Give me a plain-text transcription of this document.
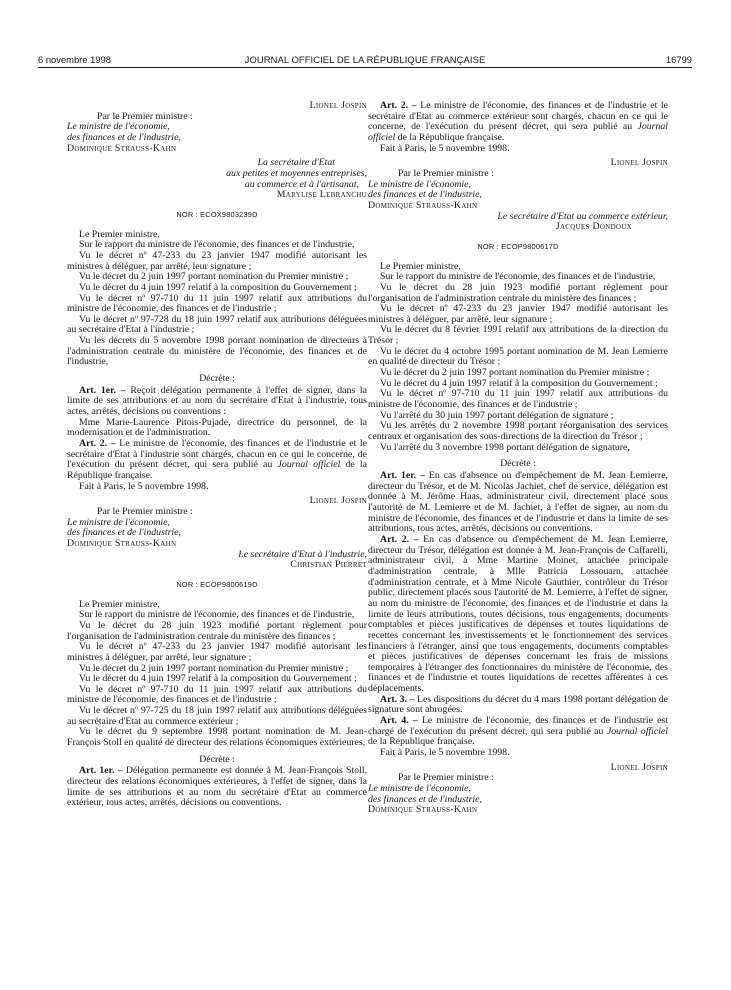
6 novembre 1998	JOURNAL OFFICIEL DE LA RÉPUBLIQUE FRANÇAISE	16799

Lionel Jospin

Par le Premier ministre :

Le ministre de l'économie,

des finances et de l'industrie,

Dominique Strauss-Kahn

La secrétaire d'Etat

aux petites et moyennes entreprises,

au commerce et à l'artisanat,

Marylise Lebranchu

NOR : ECOX9803239D

Le Premier ministre,

Sur le rapport du ministre de l'économie, des finances et de l'industrie,

Vu le décret nº 47-233 du 23 janvier 1947 modifié autorisant les ministres à déléguer, par arrêté, leur signature ;

Vu le décret du 2 juin 1997 portant nomination du Premier ministre ;

Vu le décret du 4 juin 1997 relatif à la composition du Gouvernement ;

Vu le décret nº 97-710 du 11 juin 1997 relatif aux attributions du ministre de l'économie, des finances et de l'industrie ;

Vu le décret nº 97-728 du 18 juin 1997 relatif aux attributions déléguées au secrétaire d'Etat à l'industrie ;

Vu les décrets du 5 novembre 1998 portant nomination de directeurs à l'administration centrale du ministère de l'économie, des finances et de l'industrie,

Décrète :

Art. 1er. – Reçoit délégation permanente à l'effet de signer, dans la limite de ses attributions et au nom du secrétaire d'Etat à l'industrie, tous actes, arrêtés, décisions ou conventions :

Mme Marie-Laurence Pitois-Pujade, directrice du personnel, de la modernisation et de l'administration.

Art. 2. – Le ministre de l'économie, des finances et de l'industrie et le secrétaire d'Etat à l'industrie sont chargés, chacun en ce qui le concerne, de l'exécution du présent décret, qui sera publié au Journal officiel de la République française.

Fait à Paris, le 5 novembre 1998.

Lionel Jospin

Par le Premier ministre :

Le ministre de l'économie,

des finances et de l'industrie,

Dominique Strauss-Kahn

Le secrétaire d'Etat à l'industrie,

Christian Pierret

NOR : ECOP9800619D

Le Premier ministre,

Sur le rapport du ministre de l'économie, des finances et de l'industrie,

Vu le décret du 28 juin 1923 modifié portant règlement pour l'organisation de l'administration centrale du ministère des finances ;

Vu le décret nº 47-233 du 23 janvier 1947 modifié autorisant les ministres à déléguer, par arrêté, leur signature ;

Vu le décret du 2 juin 1997 portant nomination du Premier ministre ;

Vu le décret du 4 juin 1997 relatif à la composition du Gouvernement ;

Vu le décret nº 97-710 du 11 juin 1997 relatif aux attributions du ministre de l'économie, des finances et de l'industrie ;

Vu le décret nº 97-725 du 18 juin 1997 relatif aux attributions déléguées au secrétaire d'Etat au commerce extérieur ;

Vu le décret du 9 septembre 1998 portant nomination de M. Jean-François Stoll en qualité de directeur des relations économiques extérieures,

Décrète :

Art. 1er. – Délégation permanente est donnée à M. Jean-François Stoll, directeur des relations économiques extérieures, à l'effet de signer, dans la limite de ses attributions et au nom du secrétaire d'Etat au commerce extérieur, tous actes, arrêtés, décisions ou conventions.

Art. 2. – Le ministre de l'économie, des finances et de l'industrie et le secrétaire d'Etat au commerce extérieur sont chargés, chacun en ce qui le concerne, de l'exécution du présent décret, qui sera publié au Journal officiel de la République française.

Fait à Paris, le 5 novembre 1998.

Lionel Jospin

Par le Premier ministre :

Le ministre de l'économie,

des finances et de l'industrie,

Dominique Strauss-Kahn

Le secrétaire d'Etat au commerce extérieur,

Jacques Dondoux

NOR : ECOP9800617D

Le Premier ministre,

Sur le rapport du ministre de l'économie, des finances et de l'industrie,

Vu le décret du 28 juin 1923 modifié portant règlement pour l'organisation de l'administration centrale du ministère des finances ;

Vu le décret nº 47-233 du 23 janvier 1947 modifié autorisant les ministres à déléguer, par arrêté, leur signature ;

Vu le décret du 8 février 1991 relatif aux attributions de la direction du Trésor ;

Vu le décret du 4 octobre 1995 portant nomination de M. Jean Lemierre en qualité de directeur du Trésor ;

Vu le décret du 2 juin 1997 portant nomination du Premier ministre ;

Vu le décret du 4 juin 1997 relatif à la composition du Gouvernement ;

Vu le décret nº 97-710 du 11 juin 1997 relatif aux attributions du ministre de l'économie, des finances et de l'industrie ;

Vu l'arrêté du 30 juin 1997 portant délégation de signature ;

Vu les arrêtés du 2 novembre 1998 portant réorganisation des services centraux et organisation des sous-directions de la direction du Trésor ;

Vu l'arrêté du 3 novembre 1998 portant délégation de signature,

Décrète :

Art. 1er. – En cas d'absence ou d'empêchement de M. Jean Lemierre, directeur du Trésor, et de M. Nicolas Jachiet, chef de service, délégation est donnée à M. Jérôme Haas, administrateur civil, directement placé sous l'autorité de M. Lemierre et de M. Jachiet, à l'effet de signer, au nom du ministre de l'économie, des finances et de l'industrie et dans la limite de ses attributions, tous actes, arrêtés, décisions ou conventions.

Art. 2. – En cas d'absence ou d'empêchement de M. Jean Lemierre, directeur du Trésor, délégation est donnée à M. Jean-François de Caffarelli, administrateur civil, à Mme Martine Moinet, attachée principale d'administration centrale, à Mlle Patricia Lossouarn, attachée d'administration centrale, et à Mme Nicole Gauthier, contrôleur du Trésor public, directement placés sous l'autorité de M. Lemierre, à l'effet de signer, au nom du ministre de l'économie, des finances et de l'industrie et dans la limite de leurs attributions, toutes décisions, tous engagements, documents comptables et pièces justificatives de dépenses et toutes liquidations de recettes concernant les investissements et le fonctionnement des services financiers à l'étranger, ainsi que tous engagements, documents comptables et pièces justificatives de dépenses concernant les frais de missions temporaires à l'étranger des fonctionnaires du ministère de l'économie, des finances et de l'industrie et toutes liquidations de recettes afférentes à ces déplacements.

Art. 3. – Les dispositions du décret du 4 mars 1998 portant délégation de signature sont abrogées.

Art. 4. – Le ministre de l'économie, des finances et de l'industrie est chargé de l'exécution du présent décret, qui sera publié au Journal officiel de la République française.

Fait à Paris, le 5 novembre 1998.

Lionel Jospin

Par le Premier ministre :

Le ministre de l'économie,

des finances et de l'industrie,

Dominique Strauss-Kahn
